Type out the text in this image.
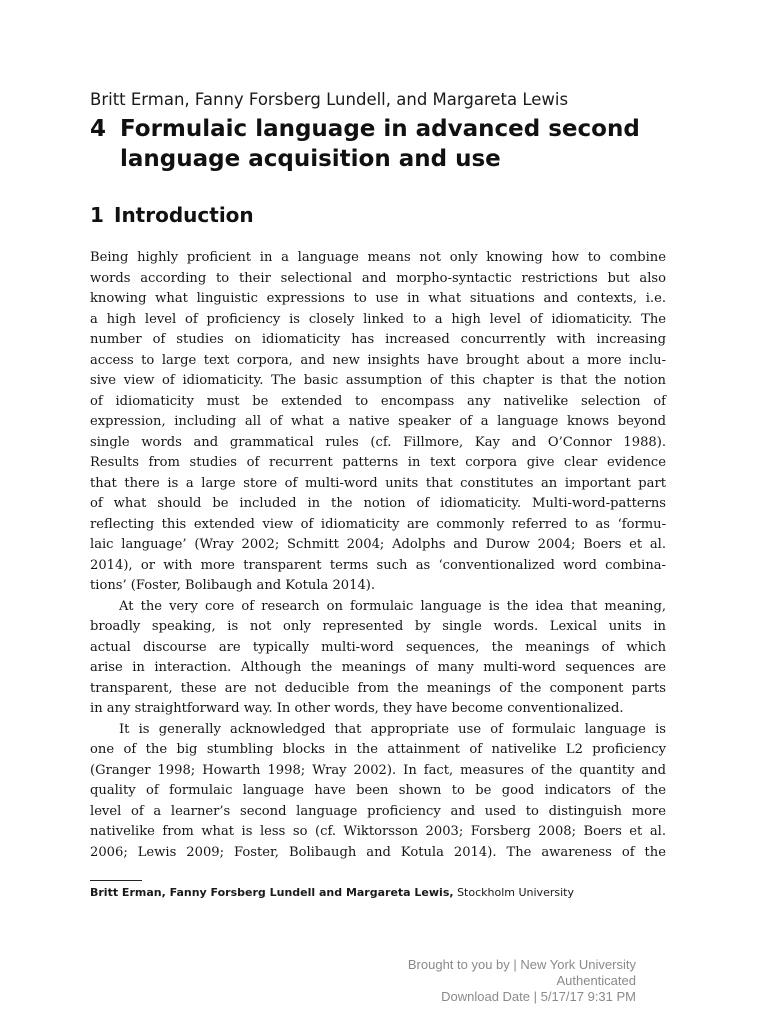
Britt Erman, Fanny Forsberg Lundell, and Margareta Lewis
4 Formulaic language in advanced second
language acquisition and use
1 Introduction
Being highly proficient in a language means not only knowing how to combine
words according to their selectional and morpho-syntactic restrictions but also
knowing what linguistic expressions to use in what situations and contexts, i.e.
a high level of proficiency is closely linked to a high level of idiomaticity. The
number of studies on idiomaticity has increased concurrently with increasing
access to large text corpora, and new insights have brought about a more inclu-
sive view of idiomaticity. The basic assumption of this chapter is that the notion
of idiomaticity must be extended to encompass any nativelike selection of
expression, including all of what a native speaker of a language knows beyond
single words and grammatical rules (cf. Fillmore, Kay and O’Connor 1988).
Results from studies of recurrent patterns in text corpora give clear evidence
that there is a large store of multi-word units that constitutes an important part
of what should be included in the notion of idiomaticity. Multi-word-patterns
reflecting this extended view of idiomaticity are commonly referred to as ‘formu-
laic language’ (Wray 2002; Schmitt 2004; Adolphs and Durow 2004; Boers et al.
2014), or with more transparent terms such as ‘conventionalized word combina-
tions’ (Foster, Bolibaugh and Kotula 2014).
At the very core of research on formulaic language is the idea that meaning,
broadly speaking, is not only represented by single words. Lexical units in
actual discourse are typically multi-word sequences, the meanings of which
arise in interaction. Although the meanings of many multi-word sequences are
transparent, these are not deducible from the meanings of the component parts
in any straightforward way. In other words, they have become conventionalized.
It is generally acknowledged that appropriate use of formulaic language is
one of the big stumbling blocks in the attainment of nativelike L2 proficiency
(Granger 1998; Howarth 1998; Wray 2002). In fact, measures of the quantity and
quality of formulaic language have been shown to be good indicators of the
level of a learner’s second language proficiency and used to distinguish more
nativelike from what is less so (cf. Wiktorsson 2003; Forsberg 2008; Boers et al.
2006; Lewis 2009; Foster, Bolibaugh and Kotula 2014). The awareness of the
Britt Erman, Fanny Forsberg Lundell and Margareta Lewis, Stockholm University
Brought to you by | New York University
Authenticated
Download Date | 5/17/17 9:31 PM
